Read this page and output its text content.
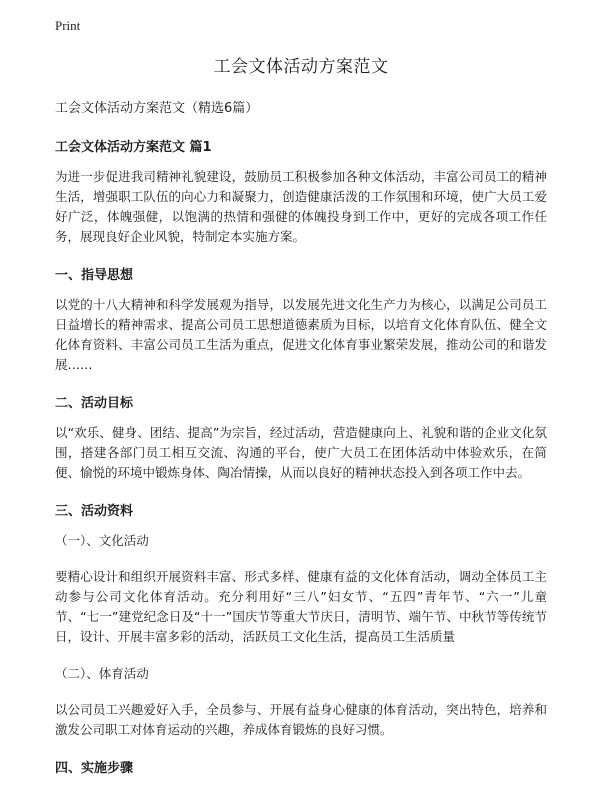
Print
工会文体活动方案范文

工会文体活动方案范文（精选6篇）

工会文体活动方案范文 篇1

为进一步促进我司精神礼貌建设，鼓励员工积极参加各种文体活动，丰富公司员工的精神生活，增强职工队伍的向心力和凝聚力，创造健康活泼的工作氛围和环境，使广大员工爱好广泛，体魄强健，以饱满的热情和强健的体魄投身到工作中，更好的完成各项工作任务，展现良好企业风貌，特制定本实施方案。

一、指导思想

以党的十八大精神和科学发展观为指导，以发展先进文化生产力为核心，以满足公司员工日益增长的精神需求、提高公司员工思想道德素质为目标，以培育文化体育队伍、健全文化体育资料、丰富公司员工生活为重点，促进文化体育事业繁荣发展，推动公司的和谐发展……

二、活动目标

以“欢乐、健身、团结、提高”为宗旨，经过活动，营造健康向上、礼貌和谐的企业文化氛围，搭建各部门员工相互交流、沟通的平台，使广大员工在团体活动中体验欢乐，在简便、愉悦的环境中锻炼身体、陶冶情操，从而以良好的精神状态投入到各项工作中去。

三、活动资料

（一）、文化活动

要精心设计和组织开展资料丰富、形式多样、健康有益的文化体育活动，调动全体员工主动参与公司文化体育活动。充分利用好“三八”妇女节、“五四”青年节、“六一”儿童节、“七一”建党纪念日及“十一”国庆节等重大节庆日，清明节、端午节、中秋节等传统节日，设计、开展丰富多彩的活动，活跃员工文化生活，提高员工生活质量

（二）、体育活动

以公司员工兴趣爱好入手，全员参与、开展有益身心健康的体育活动，突出特色，培养和激发公司职工对体育运动的兴趣，养成体育锻炼的良好习惯。

四、实施步骤
